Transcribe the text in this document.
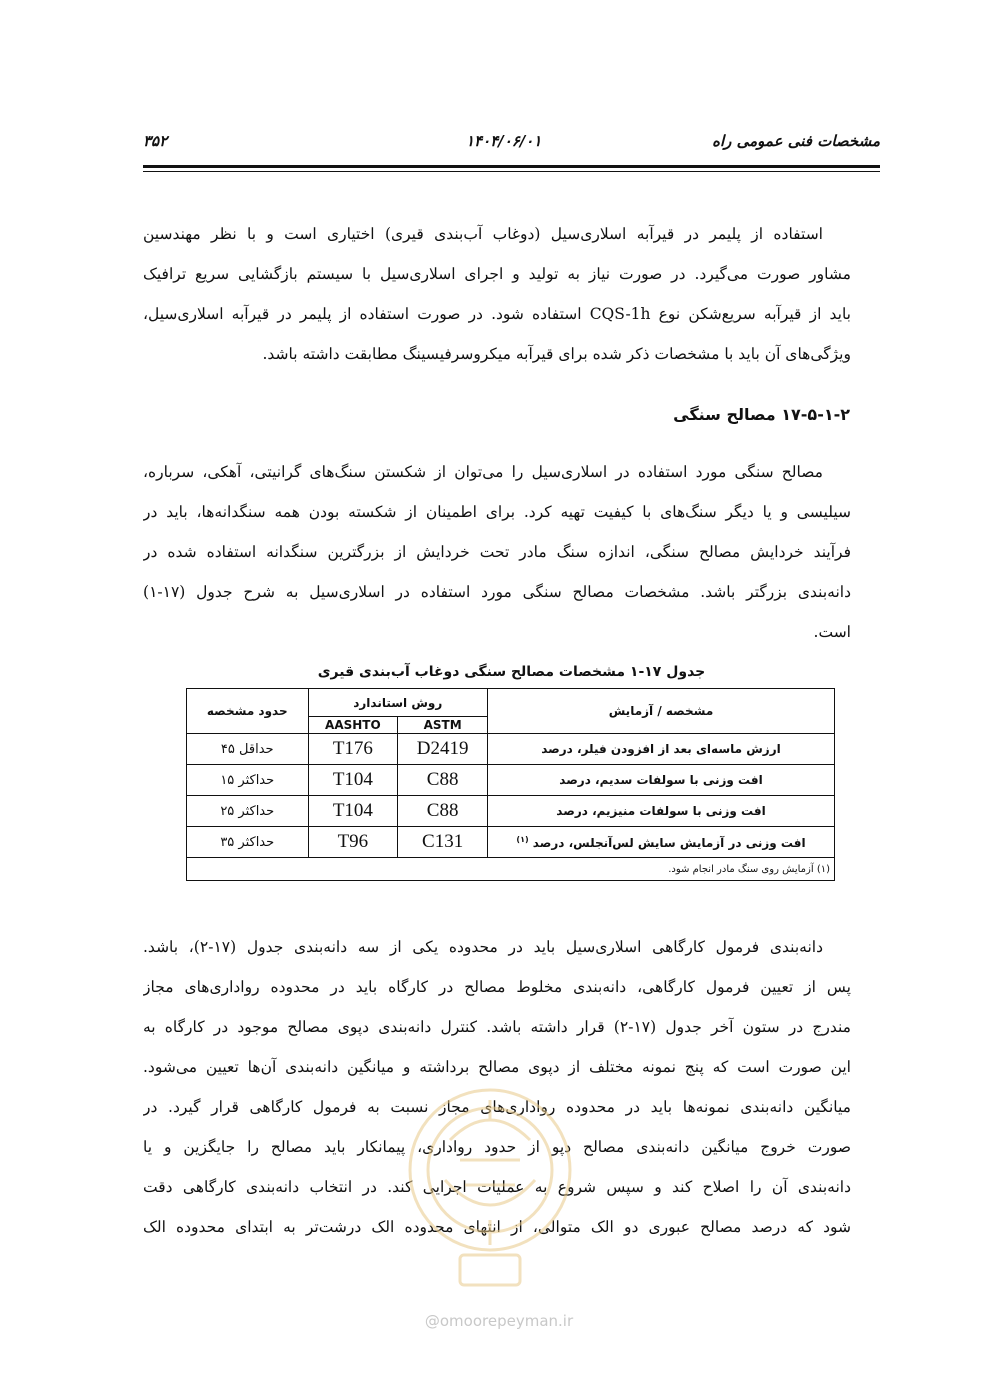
مشخصات فنی عمومی راه
۱۴۰۴/۰۶/۰۱
۳۵۲
استفاده از پلیمر در قیرآبه اسلاری‌سیل (دوغاب آب‌بندی قیری) اختیاری است و با نظر مهندسین
مشاور صورت می‌گیرد. در صورت نیاز به تولید و اجرای اسلاری‌سیل با سیستم بازگشایی سریع ترافیک
باید از قیرآبه سریع‌شکن نوع CQS-1h استفاده شود. در صورت استفاده از پلیمر در قیرآبه اسلاری‌سیل،
ویژگی‌های آن باید با مشخصات ذکر شده برای قیرآبه میکروسرفیسینگ مطابقت داشته باشد.
۱۷-۵-۱-۲ مصالح سنگی
مصالح سنگی مورد استفاده در اسلاری‌سیل را می‌توان از شکستن سنگ‌های گرانیتی، آهکی، سرباره،
سیلیسی و یا دیگر سنگ‌های با کیفیت تهیه کرد. برای اطمینان از شکسته بودن همه سنگدانه‌ها، باید در
فرآیند خردایش مصالح سنگی، اندازه سنگ مادر تحت خردایش از بزرگترین سنگدانه استفاده شده در
دانه‌بندی بزرگتر باشد. مشخصات مصالح سنگی مورد استفاده در اسلاری‌سیل به شرح جدول (۱۷-۱)
است.
جدول ۱۷-۱ مشخصات مصالح سنگی دوغاب آب‌بندی قیری
مشخصه / آزمایش	روش استاندارد		حدود مشخصه
	ASTM	AASHTO	
ارزش ماسه‌ای بعد از افزودن فیلر، درصد	D2419	T176	حداقل ۴۵
افت وزنی با سولفات سدیم، درصد	C88	T104	حداکثر ۱۵
افت وزنی با سولفات منیزیم، درصد	C88	T104	حداکثر ۲۵
افت وزنی در آزمایش سایش لس‌آنجلس، درصد $^{(۱)}$	C131	T96	حداکثر ۳۵
(۱) آزمایش روی سنگ مادر انجام شود.			
دانه‌بندی فرمول کارگاهی اسلاری‌سیل باید در محدوده یکی از سه دانه‌بندی جدول (۱۷-۲)، باشد.
پس از تعیین فرمول کارگاهی، دانه‌بندی مخلوط مصالح در کارگاه باید در محدوده رواداری‌های مجاز
مندرج در ستون آخر جدول (۱۷-۲) قرار داشته باشد. کنترل دانه‌بندی دپوی مصالح موجود در کارگاه به
این صورت است که پنج نمونه مختلف از دپوی مصالح برداشته و میانگین دانه‌بندی آن‌ها تعیین می‌شود.
میانگین دانه‌بندی نمونه‌ها باید در محدوده رواداری‌های مجاز نسبت به فرمول کارگاهی قرار گیرد. در
صورت خروج میانگین دانه‌بندی مصالح دپو از حدود رواداری، پیمانکار باید مصالح را جایگزین و یا
دانه‌بندی آن را اصلاح کند و سپس شروع به عملیات اجرایی کند. در انتخاب دانه‌بندی کارگاهی دقت
شود که درصد مصالح عبوری دو الک متوالی، از انتهای محدوده الک درشت‌تر به ابتدای محدوده الک
@omoorepeyman.ir
